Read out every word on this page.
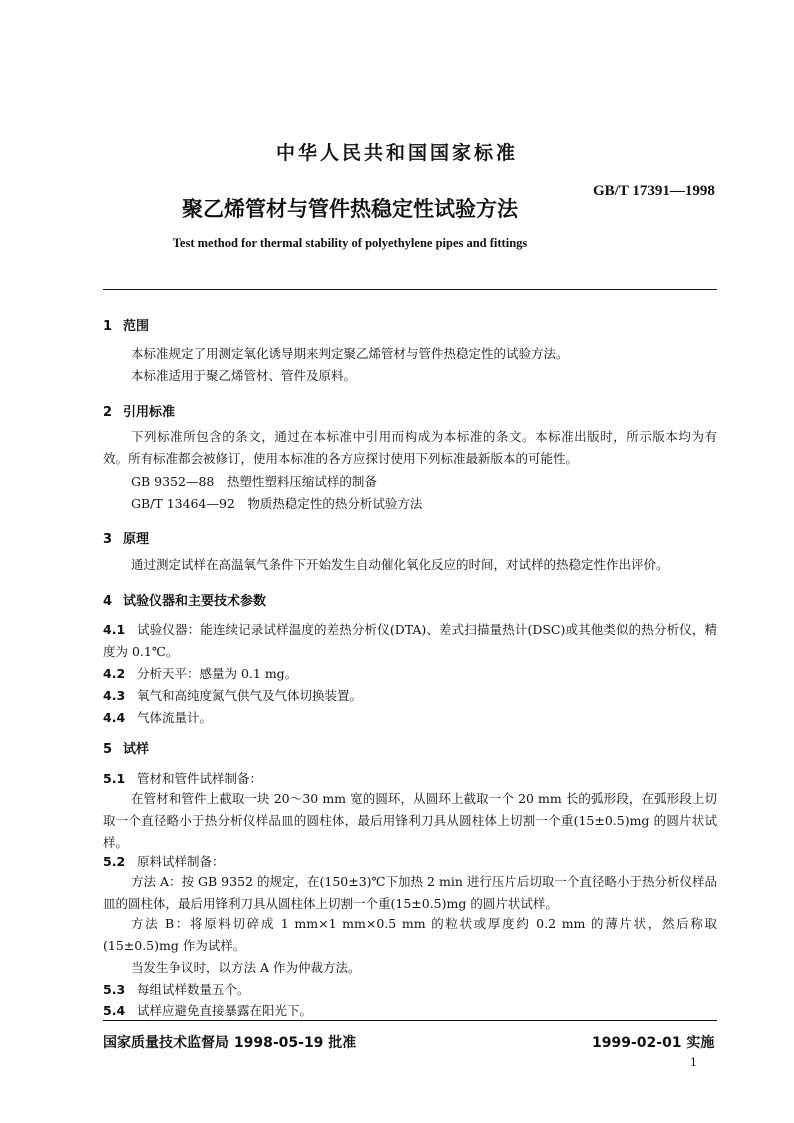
中华人民共和国国家标准
GB/T 17391—1998
聚乙烯管材与管件热稳定性试验方法
Test method for thermal stability of polyethylene pipes and fittings
1 范围
本标准规定了用测定氧化诱导期来判定聚乙烯管材与管件热稳定性的试验方法。
本标准适用于聚乙烯管材、管件及原料。
2 引用标准
下列标准所包含的条文，通过在本标准中引用而构成为本标准的条文。本标准出版时，所示版本均为有效。所有标准都会被修订，使用本标准的各方应探讨使用下列标准最新版本的可能性。
GB 9352—88　热塑性塑料压缩试样的制备
GB/T 13464—92　物质热稳定性的热分析试验方法
3 原理
通过测定试样在高温氧气条件下开始发生自动催化氧化反应的时间，对试样的热稳定性作出评价。
4 试验仪器和主要技术参数
4.1 试验仪器：能连续记录试样温度的差热分析仪(DTA)、差式扫描量热计(DSC)或其他类似的热分析仪，精度为 0.1℃。
4.2 分析天平：感量为 0.1 mg。
4.3 氧气和高纯度氮气供气及气体切换装置。
4.4 气体流量计。
5 试样
5.1 管材和管件试样制备：
在管材和管件上截取一块 20～30 mm 宽的圆环，从圆环上截取一个 20 mm 长的弧形段，在弧形段上切取一个直径略小于热分析仪样品皿的圆柱体，最后用锋利刀具从圆柱体上切割一个重(15±0.5)mg 的圆片状试样。
5.2 原料试样制备：
方法 A：按 GB 9352 的规定，在(150±3)℃下加热 2 min 进行压片后切取一个直径略小于热分析仪样品皿的圆柱体，最后用锋利刀具从圆柱体上切割一个重(15±0.5)mg 的圆片状试样。
方法 B：将原料切碎成 1 mm×1 mm×0.5 mm 的粒状或厚度约 0.2 mm 的薄片状，然后称取(15±0.5)mg 作为试样。
当发生争议时，以方法 A 作为仲裁方法。
5.3 每组试样数量五个。
5.4 试样应避免直接暴露在阳光下。
国家质量技术监督局 1998-05-19 批准	1999-02-01 实施
1
